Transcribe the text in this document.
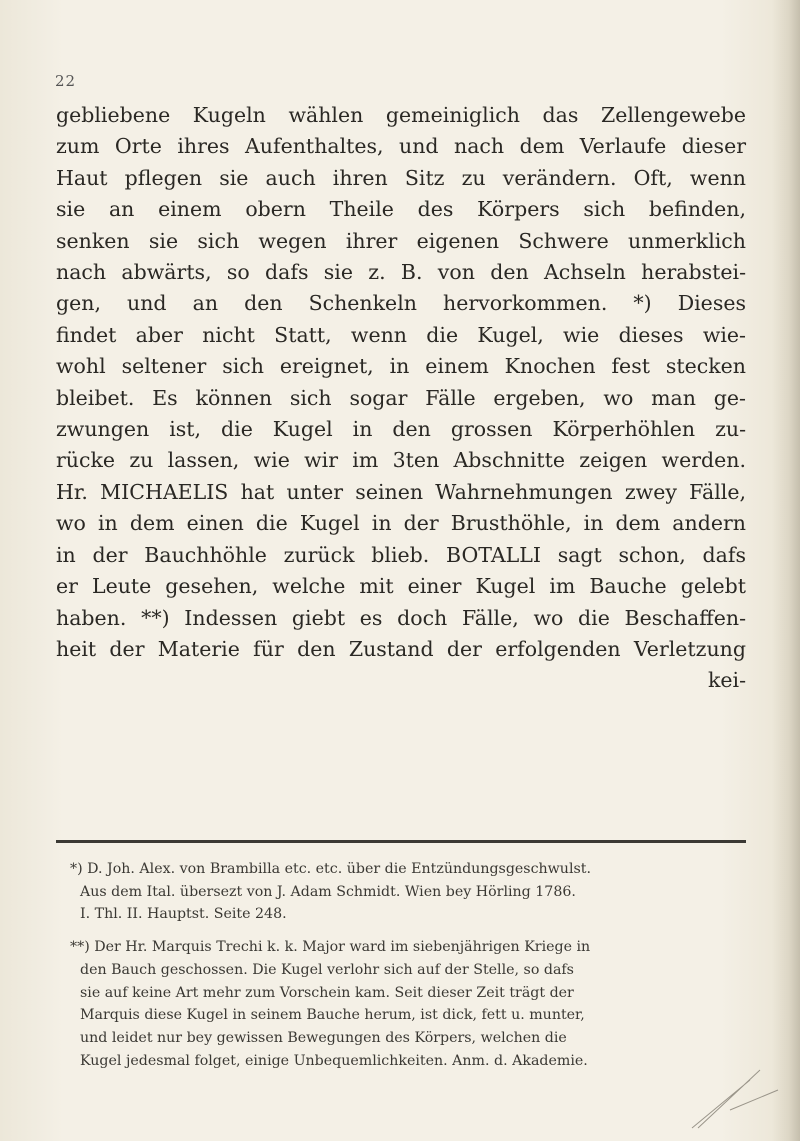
22
gebliebene Kugeln wählen gemeiniglich das Zellengewebe
zum Orte ihres Aufenthaltes, und nach dem Verlaufe dieser
Haut pflegen sie auch ihren Sitz zu verändern. Oft, wenn
sie an einem obern Theile des Körpers sich befinden,
senken sie sich wegen ihrer eigenen Schwere unmerklich
nach abwärts, so dafs sie z. B. von den Achseln herabstei-
gen, und an den Schenkeln hervorkommen. *) Dieses
findet aber nicht Statt, wenn die Kugel, wie dieses wie-
wohl seltener sich ereignet, in einem Knochen fest stecken
bleibet. Es können sich sogar Fälle ergeben, wo man ge-
zwungen ist, die Kugel in den grossen Körperhöhlen zu-
rücke zu lassen, wie wir im 3ten Abschnitte zeigen werden.
Hr. MICHAELIS hat unter seinen Wahrnehmungen zwey Fälle,
wo in dem einen die Kugel in der Brusthöhle, in dem andern
in der Bauchhöhle zurück blieb. BOTALLI sagt schon, dafs
er Leute gesehen, welche mit einer Kugel im Bauche gelebt
haben. **) Indessen giebt es doch Fälle, wo die Beschaffen-
heit der Materie für den Zustand der erfolgenden Verletzung
kei-
*) D. Joh. Alex. von Brambilla etc. etc. über die Entzündungsgeschwulst.
Aus dem Ital. übersezt von J. Adam Schmidt. Wien bey Hörling 1786.
I. Thl. II. Hauptst. Seite 248.
**) Der Hr. Marquis Trechi k. k. Major ward im siebenjährigen Kriege in
den Bauch geschossen. Die Kugel verlohr sich auf der Stelle, so dafs
sie auf keine Art mehr zum Vorschein kam. Seit dieser Zeit trägt der
Marquis diese Kugel in seinem Bauche herum, ist dick, fett u. munter,
und leidet nur bey gewissen Bewegungen des Körpers, welchen die
Kugel jedesmal folget, einige Unbequemlichkeiten. Anm. d. Akademie.
